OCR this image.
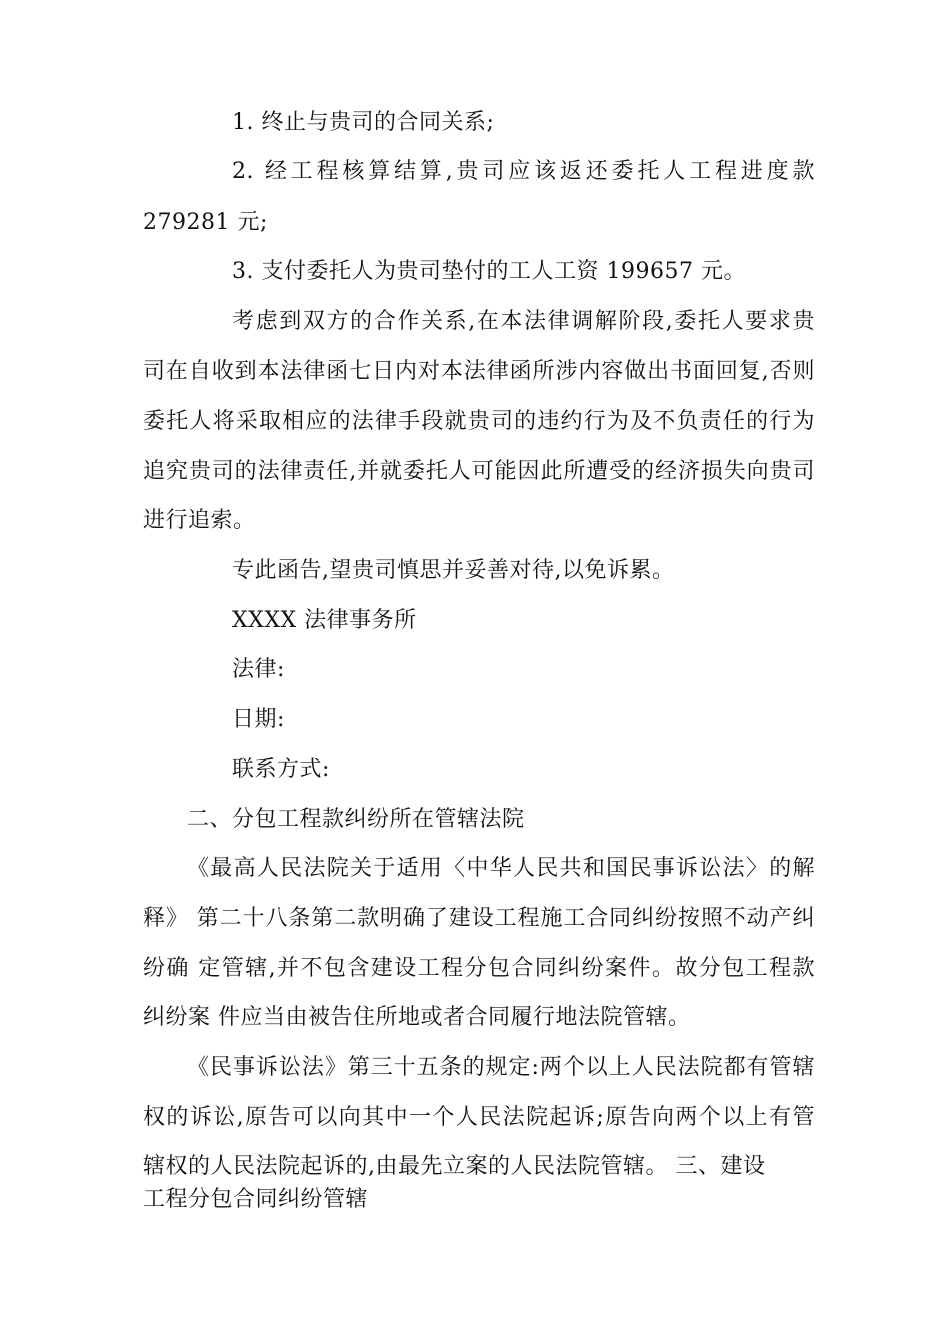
1. 终止与贵司的合同关系;
2. 经工程核算结算,贵司应该返还委托人工程进度款
279281 元;
3. 支付委托人为贵司垫付的工人工资 199657 元。
考虑到双方的合作关系,在本法律调解阶段,委托人要求贵
司在自收到本法律函七日内对本法律函所涉内容做出书面回复,否则
委托人将采取相应的法律手段就贵司的违约行为及不负责任的行为
追究贵司的法律责任,并就委托人可能因此所遭受的经济损失向贵司
进行追索。
专此函告,望贵司慎思并妥善对待,以免诉累。
XXXX 法律事务所
法律:
日期:
联系方式:
二、分包工程款纠纷所在管辖法院
《最高人民法院关于适用〈中华人民共和国民事诉讼法〉的解
释》 第二十八条第二款明确了建设工程施工合同纠纷按照不动产纠
纷确 定管辖,并不包含建设工程分包合同纠纷案件。故分包工程款
纠纷案 件应当由被告住所地或者合同履行地法院管辖。
《民事诉讼法》第三十五条的规定:两个以上人民法院都有管辖
权的诉讼,原告可以向其中一个人民法院起诉;原告向两个以上有管
辖权的人民法院起诉的,由最先立案的人民法院管辖。 三、建设
工程分包合同纠纷管辖
